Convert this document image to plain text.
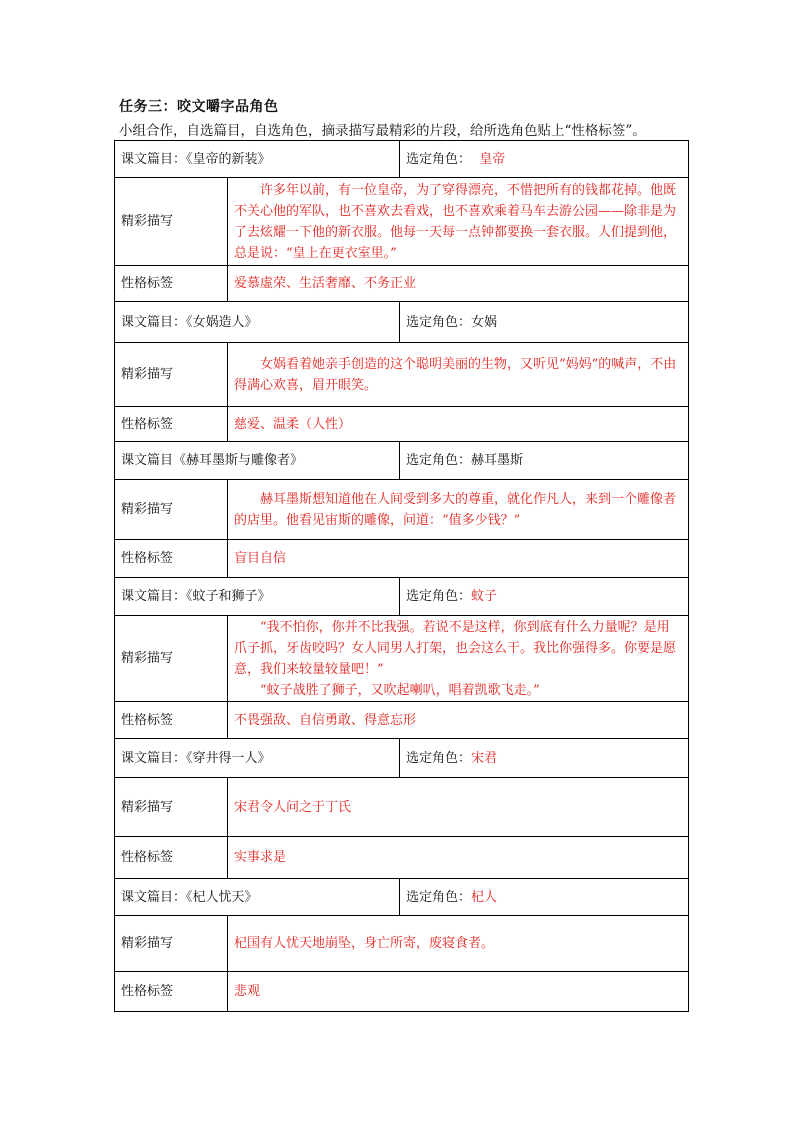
任务三：咬文嚼字品角色
小组合作，自选篇目，自选角色，摘录描写最精彩的片段，给所选角色贴上“性格标签”。
课文篇目：《皇帝的新装》		选定角色： 皇帝
精彩描写	许多年以前，有一位皇帝，为了穿得漂亮，不惜把所有的钱都花掉。他既不关心他的军队，也不喜欢去看戏，也不喜欢乘着马车去游公园——除非是为了去炫耀一下他的新衣服。他每一天每一点钟都要换一套衣服。人们提到他，总是说：“皇上在更衣室里。”	
性格标签	爱慕虚荣、生活奢靡、不务正业	
课文篇目：《女娲造人》		选定角色：女娲
精彩描写	女娲看着她亲手创造的这个聪明美丽的生物，又听见“妈妈”的喊声，不由得满心欢喜，眉开眼笑。	
性格标签	慈爱、温柔（人性）	
课文篇目《赫耳墨斯与雕像者》		选定角色：赫耳墨斯
精彩描写	赫耳墨斯想知道他在人间受到多大的尊重，就化作凡人，来到一个雕像者的店里。他看见宙斯的雕像，问道：“值多少钱？”	
性格标签	盲目自信	
课文篇目：《蚊子和狮子》		选定角色：蚊子
精彩描写	“我不怕你，你并不比我强。若说不是这样，你到底有什么力量呢？是用爪子抓，牙齿咬吗？女人同男人打架，也会这么干。我比你强得多。你要是愿意，我们来较量较量吧！”
“蚊子战胜了狮子，又吹起喇叭，唱着凯歌飞走。”	

性格标签	不畏强敌、自信勇敢、得意忘形	
课文篇目：《穿井得一人》		选定角色：宋君
精彩描写	宋君令人问之于丁氏	
性格标签	实事求是	
课文篇目：《杞人忧天》		选定角色：杞人
精彩描写	杞国有人忧天地崩坠，身亡所寄，废寝食者。	
性格标签	悲观	
